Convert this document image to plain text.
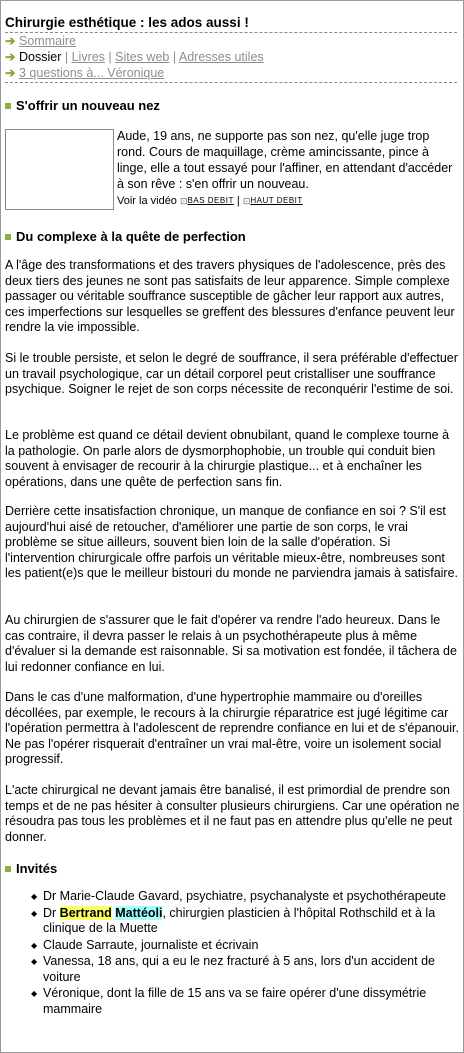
Chirurgie esthétique : les ados aussi !
➔ Sommaire
➔ Dossier | Livres | Sites web | Adresses utiles
➔ 3 questions à... Véronique
S'offrir un nouveau nez
Aude, 19 ans, ne supporte pas son nez, qu'elle juge trop rond. Cours de maquillage, crème amincissante, pince à linge, elle a tout essayé pour l'affiner, en attendant d'accéder à son rêve : s'en offrir un nouveau.
Voir la vidéo ⊡BAS DEBIT | ⊡HAUT DEBIT
Du complexe à la quête de perfection

A l'âge des transformations et des travers physiques de l'adolescence, près des deux tiers des jeunes ne sont pas satisfaits de leur apparence. Simple complexe passager ou véritable souffrance susceptible de gâcher leur rapport aux autres, ces imperfections sur lesquelles se greffent des blessures d'enfance peuvent leur rendre la vie impossible.

Si le trouble persiste, et selon le degré de souffrance, il sera préférable d'effectuer un travail psychologique, car un détail corporel peut cristalliser une souffrance psychique. Soigner le rejet de son corps nécessite de reconquérir l'estime de soi.

Le problème est quand ce détail devient obnubilant, quand le complexe tourne à la pathologie. On parle alors de dysmorphophobie, un trouble qui conduit bien souvent à envisager de recourir à la chirurgie plastique... et à enchaîner les opérations, dans une quête de perfection sans fin.

Derrière cette insatisfaction chronique, un manque de confiance en soi ? S'il est aujourd'hui aisé de retoucher, d'améliorer une partie de son corps, le vrai problème se situe ailleurs, souvent bien loin de la salle d'opération. Si l'intervention chirurgicale offre parfois un véritable mieux-être, nombreuses sont les patient(e)s que le meilleur bistouri du monde ne parviendra jamais à satisfaire.

Au chirurgien de s'assurer que le fait d'opérer va rendre l'ado heureux. Dans le cas contraire, il devra passer le relais à un psychothérapeute plus à même d'évaluer si la demande est raisonnable. Si sa motivation est fondée, il tâchera de lui redonner confiance en lui.

Dans le cas d'une malformation, d'une hypertrophie mammaire ou d'oreilles décollées, par exemple, le recours à la chirurgie réparatrice est jugé légitime car l'opération permettra à l'adolescent de reprendre confiance en lui et de s'épanouir. Ne pas l'opérer risquerait d'entraîner un vrai mal-être, voire un isolement social progressif.

L'acte chirurgical ne devant jamais être banalisé, il est primordial de prendre son temps et de ne pas hésiter à consulter plusieurs chirurgiens. Car une opération ne résoudra pas tous les problèmes et il ne faut pas en attendre plus qu'elle ne peut donner.

Invités
◆ Dr Marie-Claude Gavard, psychiatre, psychanalyste et psychothérapeute
◆ Dr Bertrand Mattéoli, chirurgien plasticien à l'hôpital Rothschild et à la clinique de la Muette
◆ Claude Sarraute, journaliste et écrivain
◆ Vanessa, 18 ans, qui a eu le nez fracturé à 5 ans, lors d'un accident de voiture
◆ Véronique, dont la fille de 15 ans va se faire opérer d'une dissymétrie mammaire
